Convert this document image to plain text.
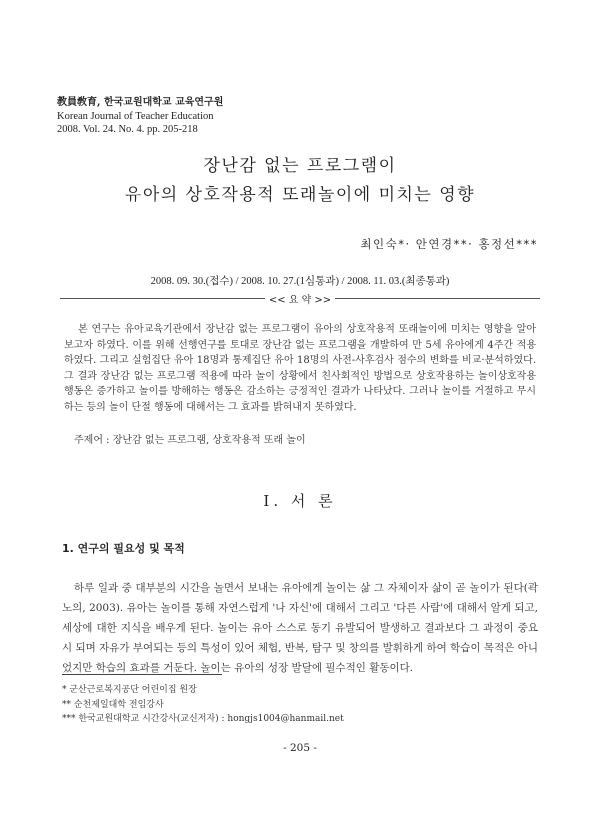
教員敎育, 한국교원대학교 교육연구원
Korean Journal of Teacher Education
2008. Vol. 24. No. 4. pp. 205-218
장난감 없는 프로그램이
유아의 상호작용적 또래놀이에 미치는 영향
최인숙*· 안연경**· 홍정선***
2008. 09. 30.(접수) / 2008. 10. 27.(1심통과) / 2008. 11. 03.(최종통과)
<< 요 약 >>

본 연구는 유아교육기관에서 장난감 없는 프로그램이 유아의 상호작용적 또래놀이에 미치는 영향을 알아보고자 하였다. 이를 위해 선행연구를 토대로 장난감 없는 프로그램을 개발하여 만 5세 유아에게 4주간 적용하였다. 그리고 실험집단 유아 18명과 통제집단 유아 18명의 사전-사후검사 점수의 변화를 비교·분석하였다. 그 결과 장난감 없는 프로그램 적용에 따라 놀이 상황에서 친사회적인 방법으로 상호작용하는 놀이상호작용 행동은 증가하고 놀이를 방해하는 행동은 감소하는 긍정적인 결과가 나타났다. 그러나 놀이를 거절하고 무시하는 등의 놀이 단절 행동에 대해서는 그 효과를 밝혀내지 못하였다.

주제어 : 장난감 없는 프로그램, 상호작용적 또래 놀이
I. 서 론
1. 연구의 필요성 및 목적

하루 일과 중 대부분의 시간을 놀면서 보내는 유아에게 놀이는 삶 그 자체이자 삶이 곧 놀이가 된다(곽노의, 2003). 유아는 놀이를 통해 자연스럽게 '나 자신'에 대해서 그리고 '다른 사람'에 대해서 알게 되고, 세상에 대한 지식을 배우게 된다. 놀이는 유아 스스로 동기 유발되어 발생하고 결과보다 그 과정이 중요시 되며 자유가 부여되는 등의 특성이 있어 체험, 반복, 탐구 및 창의를 발휘하게 하여 학습이 목적은 아니었지만 학습의 효과를 거둔다. 놀이는 유아의 성장 발달에 필수적인 활동이다.

* 군산근로복지공단 어린이집 원장
** 순천제일대학 전임강사
*** 한국교원대학교 시간강사(교신저자) : hongjs1004@hanmail.net
- 205 -
